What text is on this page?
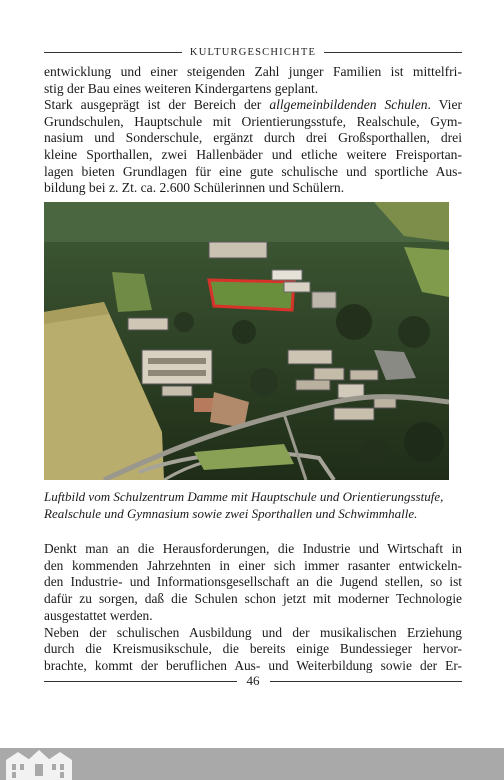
KULTURGESCHICHTE

entwicklung und einer steigenden Zahl junger Familien ist mittelfri-
stig der Bau eines weiteren Kindergartens geplant.
Stark ausgeprägt ist der Bereich der allgemeinbildenden Schulen. Vier
Grundschulen, Hauptschule mit Orientierungsstufe, Realschule, Gym-
nasium und Sonderschule, ergänzt durch drei Großsporthallen, drei
kleine Sporthallen, zwei Hallenbäder und etliche weitere Freisportan-
lagen bieten Grundlagen für eine gute schulische und sportliche Aus-
bildung bei z. Zt. ca. 2.600 Schülerinnen und Schülern.

Luftbild vom Schulzentrum Damme mit Hauptschule und Orientierungsstufe,
Realschule und Gymnasium sowie zwei Sporthallen und Schwimmhalle.

Denkt man an die Herausforderungen, die Industrie und Wirtschaft in
den kommenden Jahrzehnten in einer sich immer rasanter entwickeln-
den Industrie- und Informationsgesellschaft an die Jugend stellen, so ist
dafür zu sorgen, daß die Schulen schon jetzt mit moderner Technologie
ausgestattet werden.
Neben der schulischen Ausbildung und der musikalischen Erziehung
durch die Kreismusikschule, die bereits einige Bundessieger hervor-
brachte, kommt der beruflichen Aus- und Weiterbildung sowie der Er-

46
